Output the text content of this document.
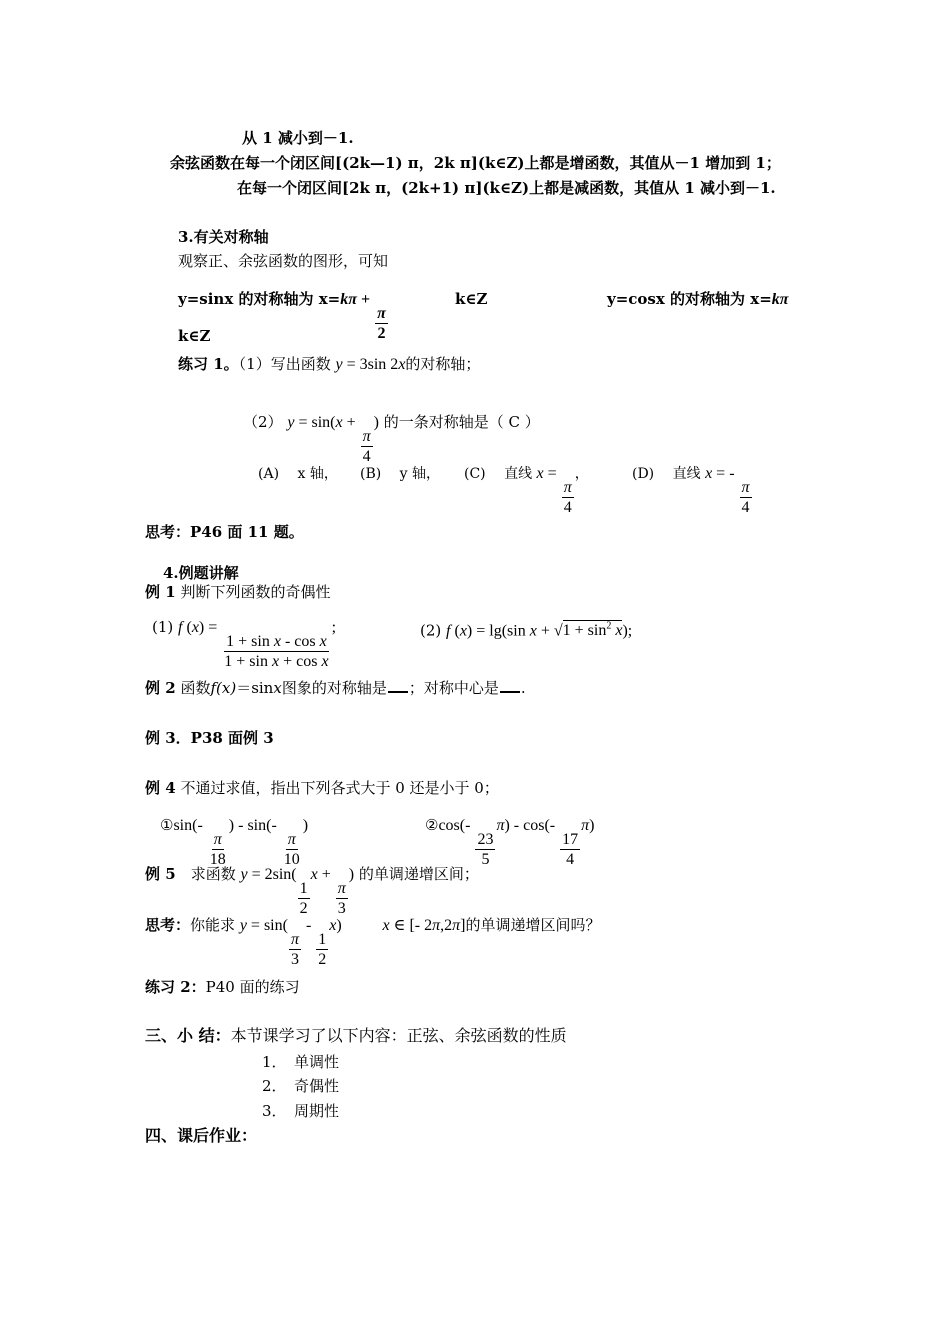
从 1 减小到－1.
余弦函数在每一个闭区间[(2k—1) π，2k π](k∈Z)上都是增函数，其值从－1 增加到 1；
在每一个闭区间[2k π，(2k+1) π](k∈Z)上都是减函数，其值从 1 减小到－1.
3.有关对称轴
观察正、余弦函数的图形，可知
y=sinx 的对称轴为 x=kπ +
$\frac{\pi}{2}$
k∈Z	y=cosx 的对称轴为 x=kπ
k∈Z
练习 1。（1）写出函数 y = 3sin 2x的对称轴；
（2） y = sin(x +
$\frac{\pi}{4}$
) 的一条对称轴是（ C ）
(A)　 x 轴， (B)　 y 轴， (C)　 直线 x =
$\frac{\pi}{4}$
，	(D)　 直线 x = -
$\frac{\pi}{4}$
思考：P46 面 11 题。
4.例题讲解
例 1 判断下列函数的奇偶性
(1) f (x) =
$\frac{\text{1 + sin x - cos x}}{\text{1 + sin x + cos x}}$
;	(2) f (x) = lg(sin $x + √1 + \sin^2 x$);
例 2 函数f(x)＝sinx图象的对称轴是 ；对称中心是 .
例 3．P38 面例 3
例 4 不通过求值，指出下列各式大于 0 还是小于 0；
①sin(-
$\frac{\pi}{18}$
) - sin(-
$\frac{\pi}{10}$
)	②cos(-
$\frac{23}{5}$
π) - cos(-
$\frac{17}{4}$
π)
例 5　 求函数 y = 2sin(
$\frac{1}{2}$
x +
$\frac{\pi}{3}$
) 的单调递增区间；
思考：你能求 y = sin(
$\frac{\pi}{3}$
-
$\frac{1}{2}$
x)	x ∈ [- 2π,2π]的单调递增区间吗？
练习 2：P40 面的练习
三、小 结：本节课学习了以下内容：正弦、余弦函数的性质
1．　单调性
2．　奇偶性
3．　周期性
四、课后作业：
